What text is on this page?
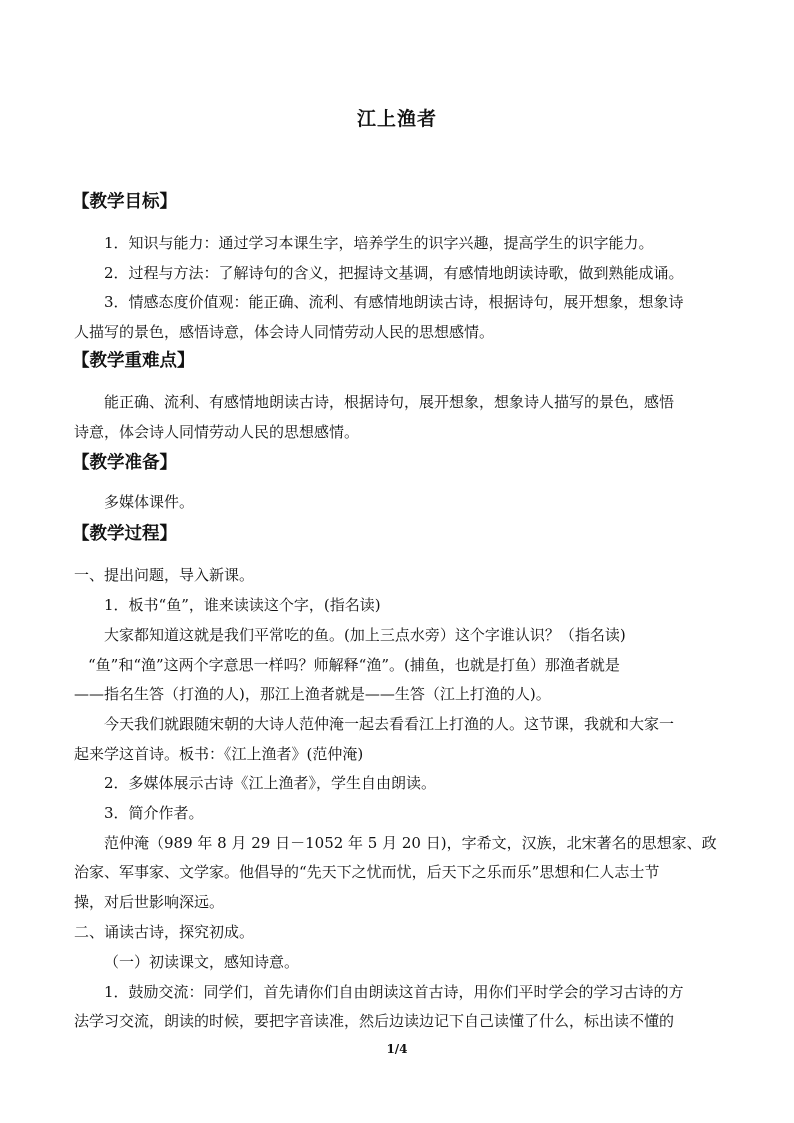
江上渔者
【教学目标】
1．知识与能力：通过学习本课生字，培养学生的识字兴趣，提高学生的识字能力。
2．过程与方法：了解诗句的含义，把握诗文基调，有感情地朗读诗歌，做到熟能成诵。
3．情感态度价值观：能正确、流利、有感情地朗读古诗，根据诗句，展开想象，想象诗
人描写的景色，感悟诗意，体会诗人同情劳动人民的思想感情。
【教学重难点】
能正确、流利、有感情地朗读古诗，根据诗句，展开想象，想象诗人描写的景色，感悟
诗意，体会诗人同情劳动人民的思想感情。
【教学准备】
多媒体课件。
【教学过程】
一、提出问题，导入新课。
1．板书“鱼”，谁来读读这个字，(指名读)
大家都知道这就是我们平常吃的鱼。(加上三点水旁）这个字谁认识？（指名读)
“鱼”和“渔”这两个字意思一样吗？师解释“渔”。(捕鱼，也就是打鱼）那渔者就是
——指名生答（打渔的人)，那江上渔者就是——生答（江上打渔的人)。
今天我们就跟随宋朝的大诗人范仲淹一起去看看江上打渔的人。这节课，我就和大家一
起来学这首诗。板书：《江上渔者》(范仲淹)
2．多媒体展示古诗《江上渔者》，学生自由朗读。
3．简介作者。
范仲淹（989 年 8 月 29 日－1052 年 5 月 20 日)，字希文，汉族，北宋著名的思想家、政
治家、军事家、文学家。他倡导的“先天下之忧而忧，后天下之乐而乐”思想和仁人志士节
操，对后世影响深远。
二、诵读古诗，探究初成。
（一）初读课文，感知诗意。
1．鼓励交流：同学们，首先请你们自由朗读这首古诗，用你们平时学会的学习古诗的方
法学习交流，朗读的时候，要把字音读准，然后边读边记下自己读懂了什么，标出读不懂的
1/4
